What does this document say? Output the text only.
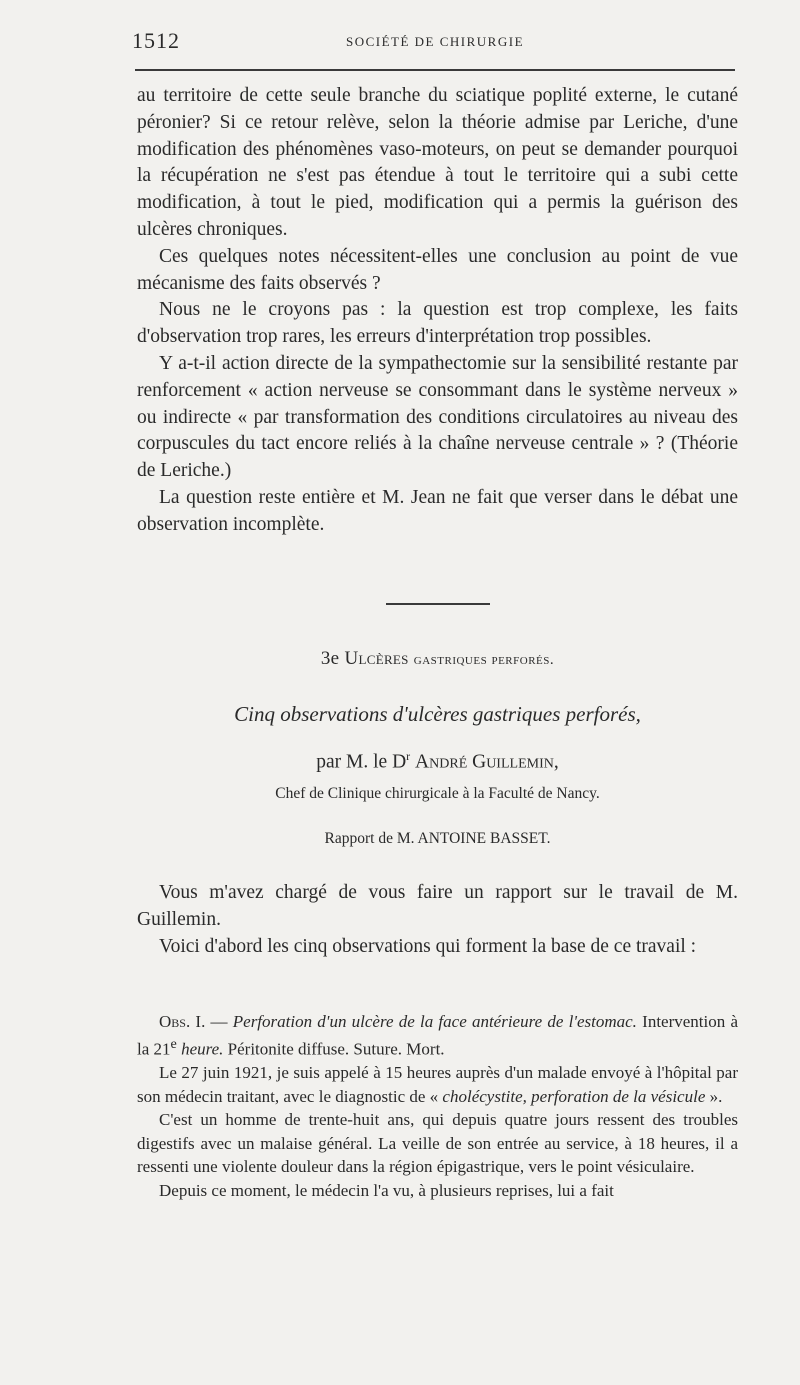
1512	SOCIÉTÉ DE CHIRURGIE

au territoire de cette seule branche du sciatique poplité externe, le cutané péronier? Si ce retour relève, selon la théorie admise par Leriche, d'une modification des phénomènes vaso-moteurs, on peut se demander pourquoi la récupération ne s'est pas étendue à tout le territoire qui a subi cette modification, à tout le pied, modification qui a permis la guérison des ulcères chroniques.

Ces quelques notes nécessitent-elles une conclusion au point de vue mécanisme des faits observés ?

Nous ne le croyons pas : la question est trop complexe, les faits d'observation trop rares, les erreurs d'interprétation trop possibles.

Y a-t-il action directe de la sympathectomie sur la sensibilité restante par renforcement « action nerveuse se consommant dans le système nerveux » ou indirecte « par transformation des conditions circulatoires au niveau des corpuscules du tact encore reliés à la chaîne nerveuse centrale » ? (Théorie de Leriche.)

La question reste entière et M. Jean ne fait que verser dans le débat une observation incomplète.

3e Ulcères gastriques perforés.
Cinq observations d'ulcères gastriques perforés,
par M. le $D^r$ André Guillemin,
Chef de Clinique chirurgicale à la Faculté de Nancy.
Rapport de M. ANTOINE BASSET.

Vous m'avez chargé de vous faire un rapport sur le travail de M. Guillemin.

Voici d'abord les cinq observations qui forment la base de ce travail :

Obs. I. — Perforation d'un ulcère de la face antérieure de l'estomac. Intervention à la 21e heure. Péritonite diffuse. Suture. Mort.

Le 27 juin 1921, je suis appelé à 15 heures auprès d'un malade envoyé à l'hôpital par son médecin traitant, avec le diagnostic de « cholécystite, perforation de la vésicule ».

C'est un homme de trente-huit ans, qui depuis quatre jours ressent des troubles digestifs avec un malaise général. La veille de son entrée au service, à 18 heures, il a ressenti une violente douleur dans la région épigastrique, vers le point vésiculaire.

Depuis ce moment, le médecin l'a vu, à plusieurs reprises, lui a fait
